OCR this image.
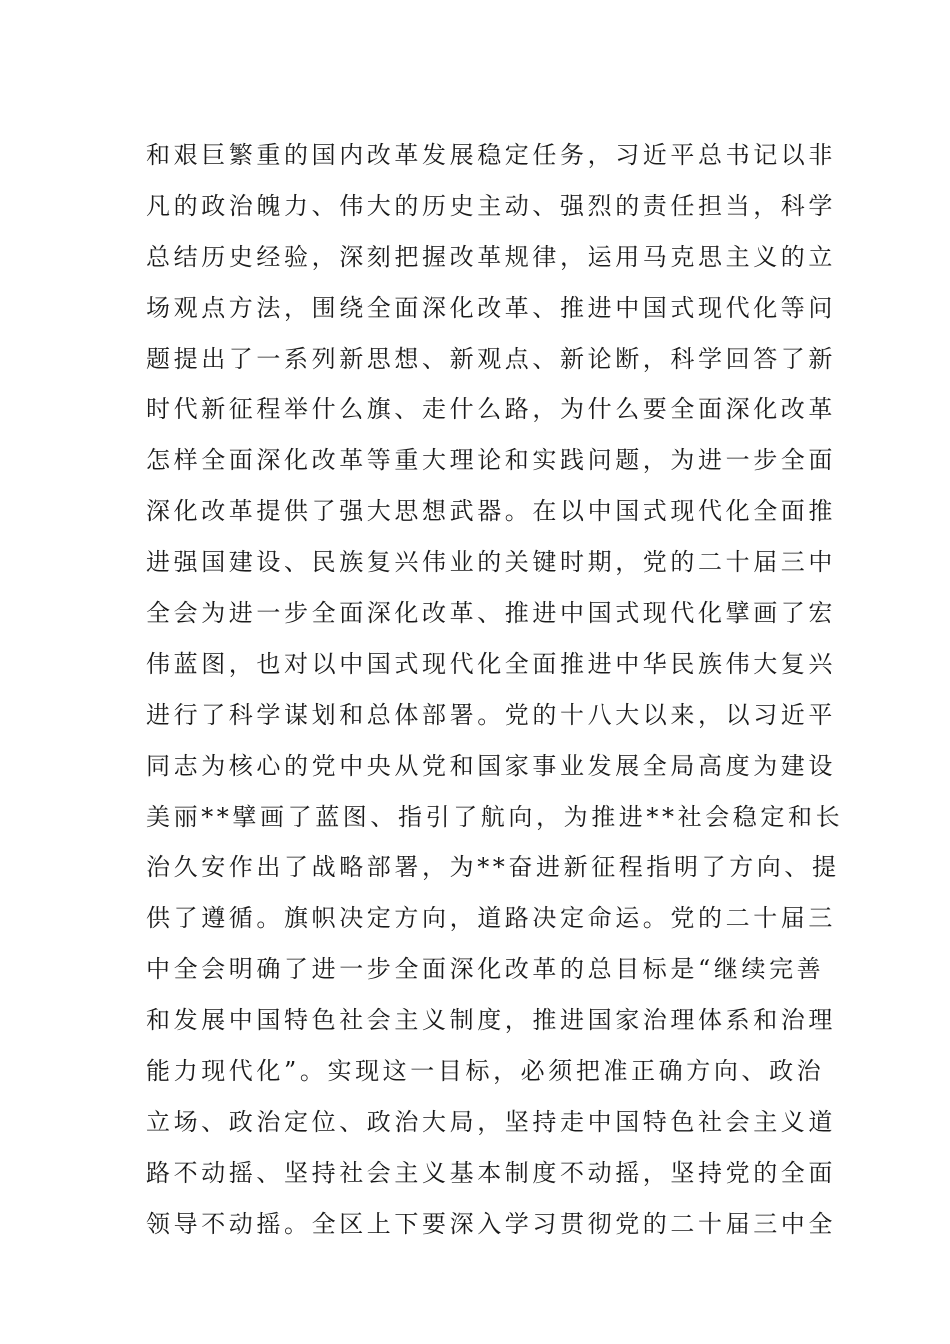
和艰巨繁重的国内改革发展稳定任务，习近平总书记以非
凡的政治魄力、伟大的历史主动、强烈的责任担当，科学
总结历史经验，深刻把握改革规律，运用马克思主义的立
场观点方法，围绕全面深化改革、推进中国式现代化等问
题提出了一系列新思想、新观点、新论断，科学回答了新
时代新征程举什么旗、走什么路，为什么要全面深化改革
怎样全面深化改革等重大理论和实践问题，为进一步全面
深化改革提供了强大思想武器。在以中国式现代化全面推
进强国建设、民族复兴伟业的关键时期，党的二十届三中
全会为进一步全面深化改革、推进中国式现代化擘画了宏
伟蓝图，也对以中国式现代化全面推进中华民族伟大复兴
进行了科学谋划和总体部署。党的十八大以来，以习近平
同志为核心的党中央从党和国家事业发展全局高度为建设
美丽**擘画了蓝图、指引了航向，为推进**社会稳定和长
治久安作出了战略部署，为**奋进新征程指明了方向、提
供了遵循。旗帜决定方向，道路决定命运。党的二十届三
中全会明确了进一步全面深化改革的总目标是“继续完善
和发展中国特色社会主义制度，推进国家治理体系和治理
能力现代化”。实现这一目标，必须把准正确方向、政治
立场、政治定位、政治大局，坚持走中国特色社会主义道
路不动摇、坚持社会主义基本制度不动摇，坚持党的全面
领导不动摇。全区上下要深入学习贯彻党的二十届三中全
